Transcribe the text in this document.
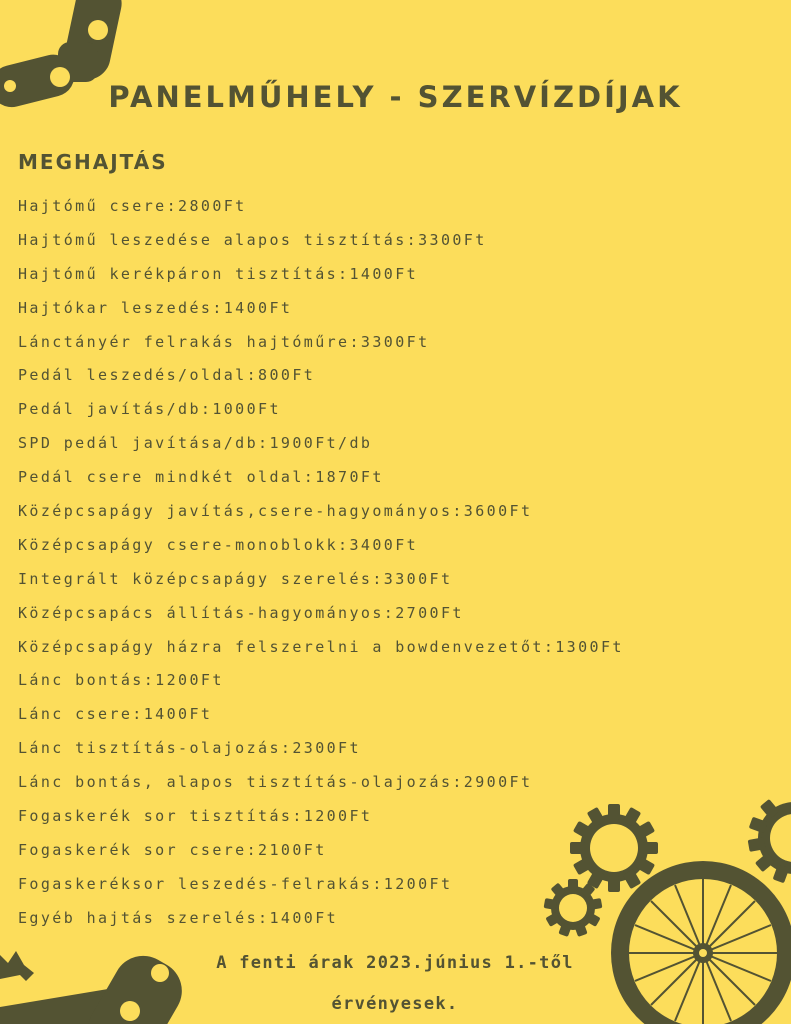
PANELMŰHELY - SZERVÍZDÍJAK
MEGHAJTÁS
Hajtómű csere:2800Ft
Hajtómű leszedése alapos tisztítás:3300Ft
Hajtómű kerékpáron tisztítás:1400Ft
Hajtókar leszedés:1400Ft
Lánctányér felrakás hajtóműre:3300Ft
Pedál leszedés/oldal:800Ft
Pedál javítás/db:1000Ft
SPD pedál javítása/db:1900Ft/db
Pedál csere mindkét oldal:1870Ft
Középcsapágy javítás,csere-hagyományos:3600Ft
Középcsapágy csere-monoblokk:3400Ft
Integrált középcsapágy szerelés:3300Ft
Középcsapács állítás-hagyományos:2700Ft
Középcsapágy házra felszerelni a bowdenvezetőt:1300Ft
Lánc bontás:1200Ft
Lánc csere:1400Ft
Lánc tisztítás-olajozás:2300Ft
Lánc bontás, alapos tisztítás-olajozás:2900Ft
Fogaskerék sor tisztítás:1200Ft
Fogaskerék sor csere:2100Ft
Fogaskeréksor leszedés-felrakás:1200Ft
Egyéb hajtás szerelés:1400Ft
A fenti árak 2023.június 1.-től
érvényesek.
